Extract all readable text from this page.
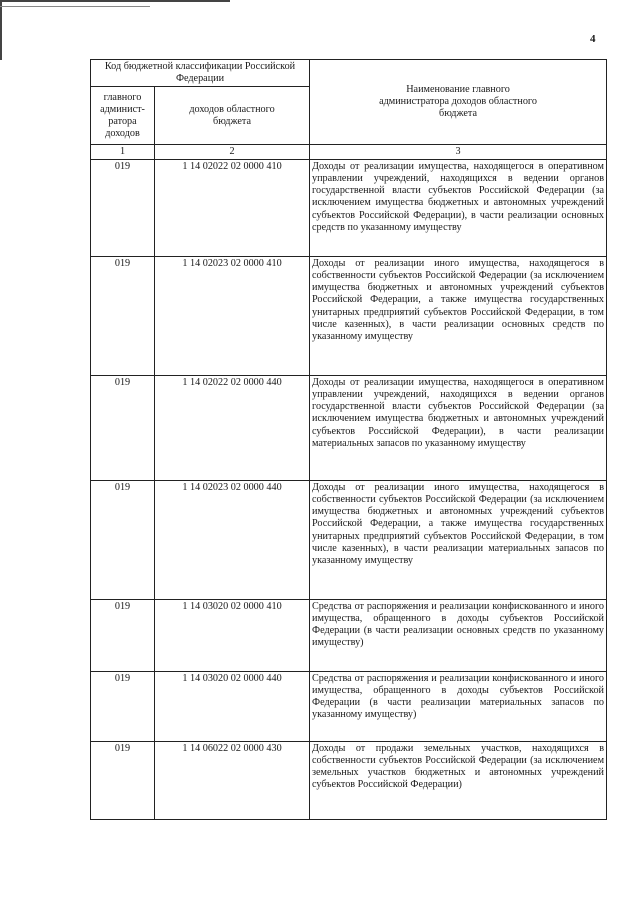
4
Код бюджетной классификации Российской Федерации		Наименование главного администратора доходов областного бюджета
главного админист-ратора доходов	доходов областного бюджета	
1	2	3
019	1 14 02022 02 0000 410	Доходы от реализации имущества, находящегося в оперативном управлении учреждений, находящихся в ведении органов государственной власти субъектов Российской Федерации (за исключением имущества бюджетных и автономных учреждений субъектов Российской Федерации), в части реализации основных средств по указанному имуществу
019	1 14 02023 02 0000 410	Доходы от реализации иного имущества, находящегося в собственности субъектов Российской Федерации (за исключением имущества бюджетных и автономных учреждений субъектов Российской Федерации, а также имущества государственных унитарных предприятий субъектов Российской Федерации, в том числе казенных), в части реализации основных средств по указанному имуществу
019	1 14 02022 02 0000 440	Доходы от реализации имущества, находящегося в оперативном управлении учреждений, находящихся в ведении органов государственной власти субъектов Российской Федерации (за исключением имущества бюджетных и автономных учреждений субъектов Российской Федерации), в части реализации материальных запасов по указанному имуществу
019	1 14 02023 02 0000 440	Доходы от реализации иного имущества, находящегося в собственности субъектов Российской Федерации (за исключением имущества бюджетных и автономных учреждений субъектов Российской Федерации, а также имущества государственных унитарных предприятий субъектов Российской Федерации, в том числе казенных), в части реализации материальных запасов по указанному имуществу
019	1 14 03020 02 0000 410	Средства от распоряжения и реализации конфискованного и иного имущества, обращенного в доходы субъектов Российской Федерации (в части реализации основных средств по указанному имуществу)
019	1 14 03020 02 0000 440	Средства от распоряжения и реализации конфискованного и иного имущества, обращенного в доходы субъектов Российской Федерации (в части реализации материальных запасов по указанному имуществу)
019	1 14 06022 02 0000 430	Доходы от продажи земельных участков, находящихся в собственности субъектов Российской Федерации (за исключением земельных участков бюджетных и автономных учреждений субъектов Российской Федерации)
